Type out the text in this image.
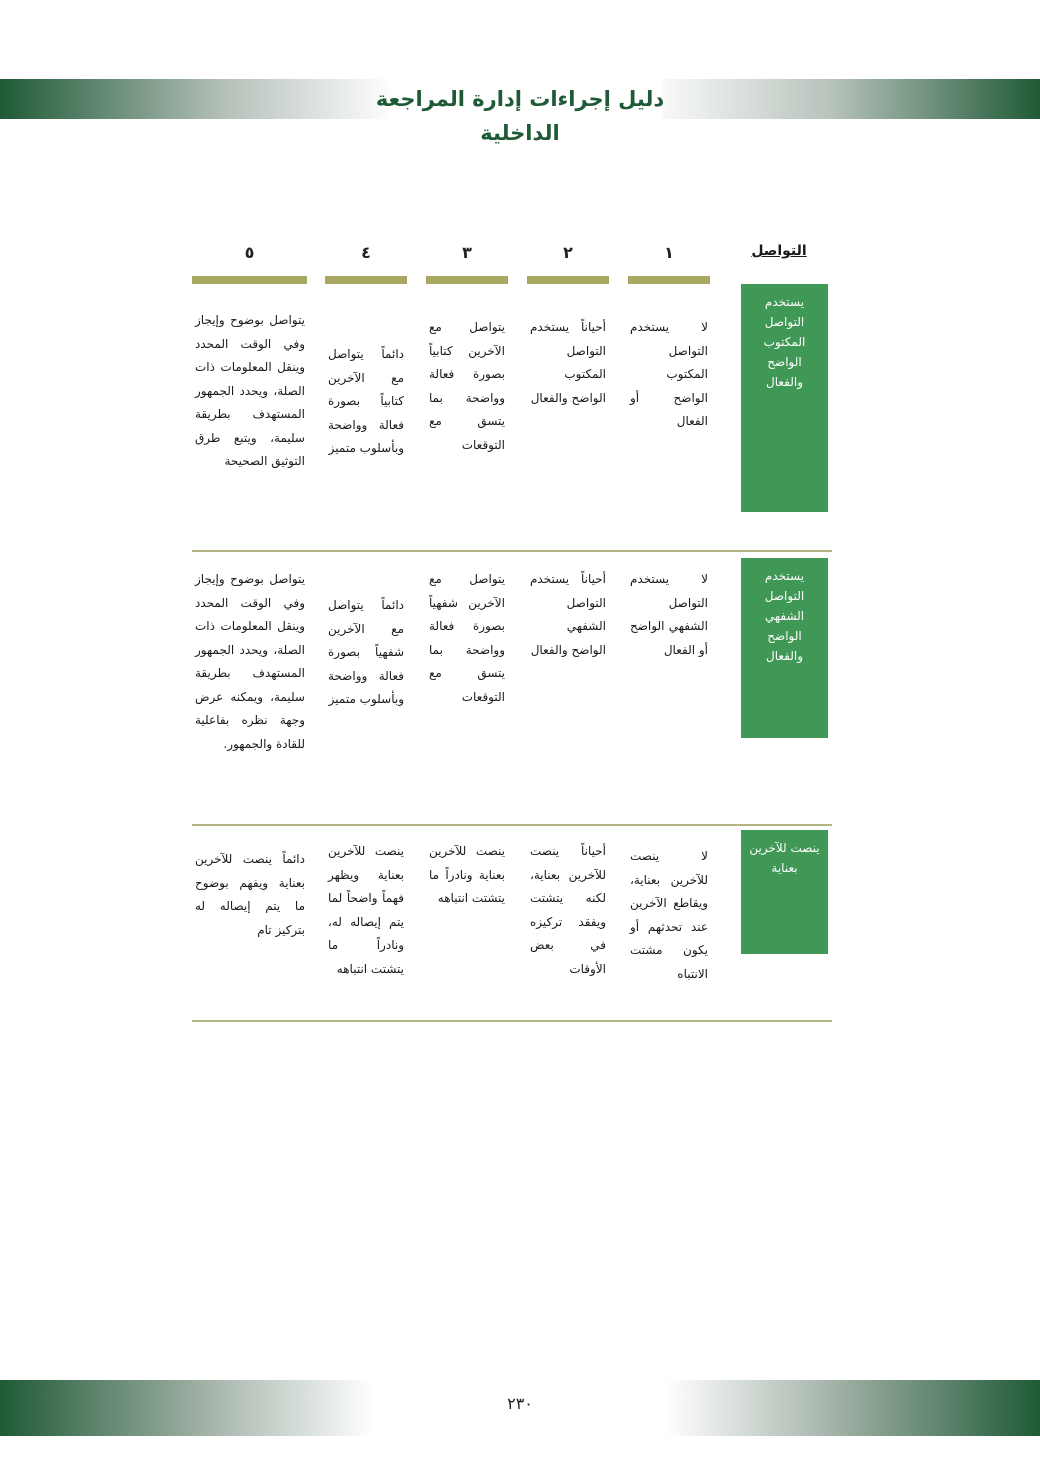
دليل إجراءات إدارة المراجعة الداخلية
التواصل
١
٢
٣
٤
٥
يستخدم التواصل المكتوب الواضح والفعال
لا يستخدم التواصل المكتوب الواضح أو الفعال
أحياناً يستخدم التواصل المكتوب الواضح والفعال
يتواصل مع الآخرين كتابياً بصورة فعالة وواضحة بما يتسق مع التوقعات
دائماً يتواصل مع الآخرين كتابياً بصورة فعالة وواضحة وبأسلوب متميز
يتواصل بوضوح وإيجاز وفي الوقت المحدد وينقل المعلومات ذات الصلة، ويحدد الجمهور المستهدف بطريقة سليمة، ويتبع طرق التوثيق الصحيحة
يستخدم التواصل الشفهي الواضح والفعال
لا يستخدم التواصل الشفهي الواضح أو الفعال
أحياناً يستخدم التواصل الشفهي الواضح والفعال
يتواصل مع الآخرين شفهياً بصورة فعالة وواضحة بما يتسق مع التوقعات
دائماً يتواصل مع الآخرين شفهياً بصورة فعالة وواضحة وبأسلوب متميز
يتواصل بوضوح وإيجاز وفي الوقت المحدد وينقل المعلومات ذات الصلة، ويحدد الجمهور المستهدف بطريقة سليمة، ويمكنه عرض وجهة نظره بفاعلية للقادة والجمهور.
ينصت للآخرين بعناية
لا ينصت للآخرين بعناية، ويقاطع الآخرين عند تحدثهم أو يكون مشتت الانتباه
أحياناً ينصت للآخرين بعناية، لكنه يتشتت ويفقد تركيزه في بعض الأوقات
ينصت للآخرين بعناية ونادراً ما يتشتت انتباهه
ينصت للآخرين بعناية ويظهر فهماً واضحاً لما يتم إيصاله له، ونادراً ما يتشتت انتباهه
دائماً ينصت للآخرين بعناية ويفهم بوضوح ما يتم إيصاله له بتركيز تام
٢٣٠
